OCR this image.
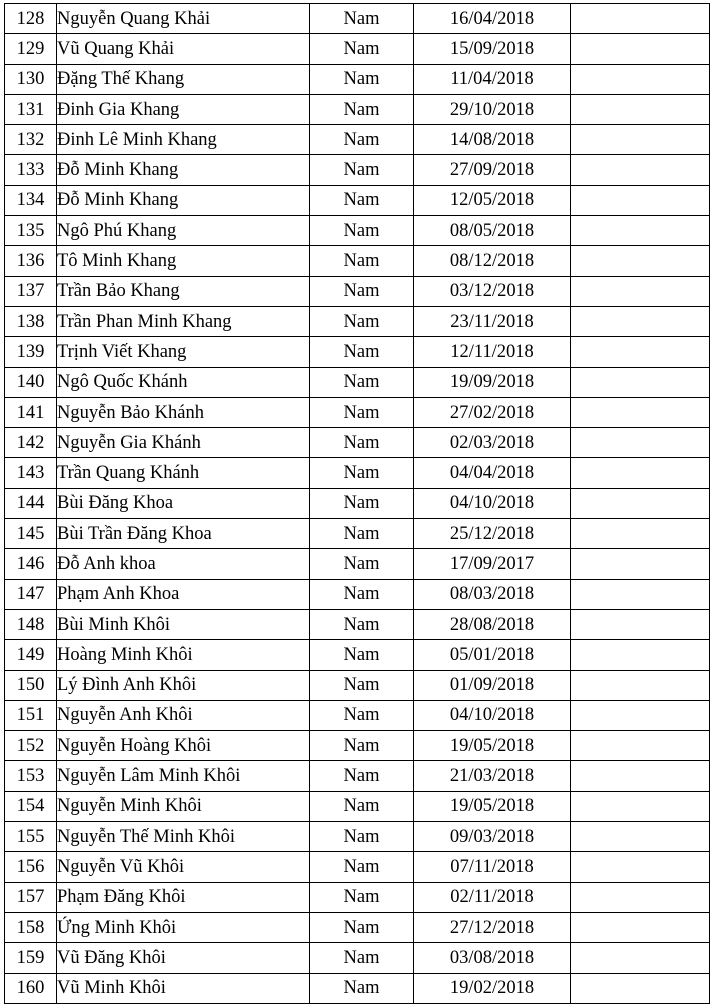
128	Nguyễn Quang Khải	Nam	16/04/2018	
129	Vũ Quang Khải	Nam	15/09/2018	
130	Đặng Thế Khang	Nam	11/04/2018	
131	Đinh Gia Khang	Nam	29/10/2018	
132	Đinh Lê Minh Khang	Nam	14/08/2018	
133	Đỗ Minh Khang	Nam	27/09/2018	
134	Đỗ Minh Khang	Nam	12/05/2018	
135	Ngô Phú Khang	Nam	08/05/2018	
136	Tô Minh Khang	Nam	08/12/2018	
137	Trần Bảo Khang	Nam	03/12/2018	
138	Trần Phan Minh Khang	Nam	23/11/2018	
139	Trịnh Viết Khang	Nam	12/11/2018	
140	Ngô Quốc Khánh	Nam	19/09/2018	
141	Nguyễn Bảo Khánh	Nam	27/02/2018	
142	Nguyễn Gia Khánh	Nam	02/03/2018	
143	Trần Quang Khánh	Nam	04/04/2018	
144	Bùi Đăng Khoa	Nam	04/10/2018	
145	Bùi Trần Đăng Khoa	Nam	25/12/2018	
146	Đỗ Anh khoa	Nam	17/09/2017	
147	Phạm Anh Khoa	Nam	08/03/2018	
148	Bùi Minh Khôi	Nam	28/08/2018	
149	Hoàng Minh Khôi	Nam	05/01/2018	
150	Lý Đình Anh Khôi	Nam	01/09/2018	
151	Nguyễn Anh Khôi	Nam	04/10/2018	
152	Nguyễn Hoàng Khôi	Nam	19/05/2018	
153	Nguyễn Lâm Minh Khôi	Nam	21/03/2018	
154	Nguyễn Minh Khôi	Nam	19/05/2018	
155	Nguyễn Thế Minh Khôi	Nam	09/03/2018	
156	Nguyễn Vũ Khôi	Nam	07/11/2018	
157	Phạm Đăng Khôi	Nam	02/11/2018	
158	Ứng Minh Khôi	Nam	27/12/2018	
159	Vũ Đăng Khôi	Nam	03/08/2018	
160	Vũ Minh Khôi	Nam	19/02/2018	
